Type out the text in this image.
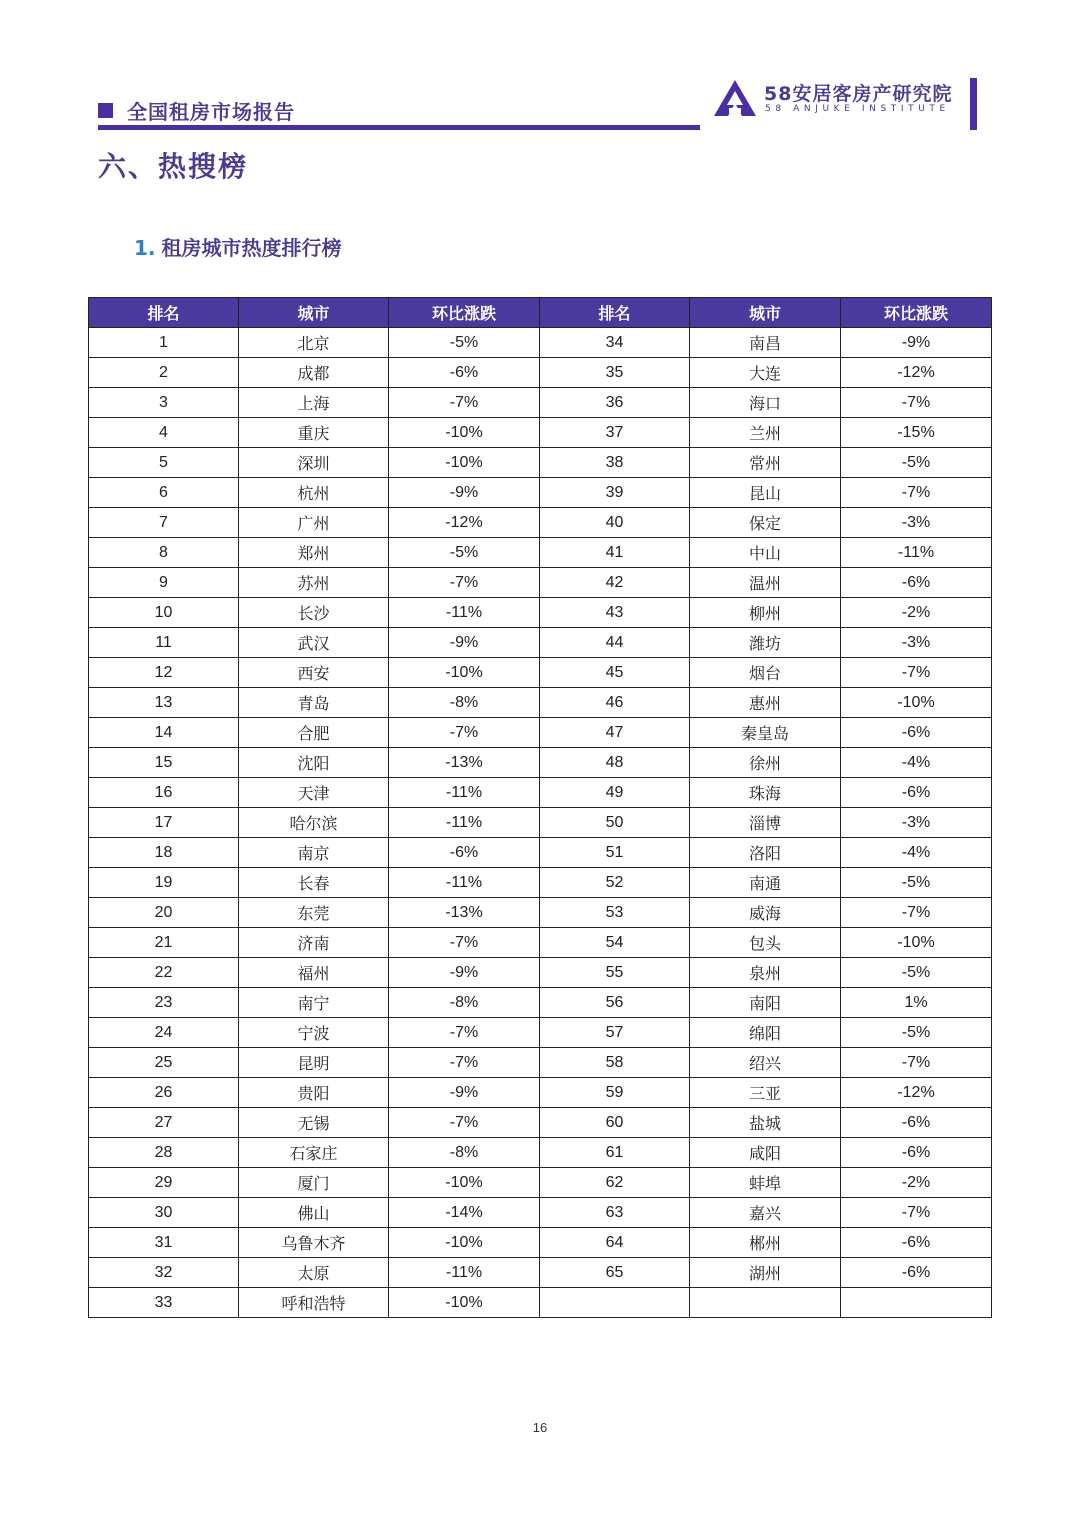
全国租房市场报告
58安居客房产研究院
58 ANJUKE INSTITUTE
六、热搜榜
1. 租房城市热度排行榜
排名	城市	环比涨跌	排名	城市	环比涨跌
1	北京	-5%	34	南昌	-9%
2	成都	-6%	35	大连	-12%
3	上海	-7%	36	海口	-7%
4	重庆	-10%	37	兰州	-15%
5	深圳	-10%	38	常州	-5%
6	杭州	-9%	39	昆山	-7%
7	广州	-12%	40	保定	-3%
8	郑州	-5%	41	中山	-11%
9	苏州	-7%	42	温州	-6%
10	长沙	-11%	43	柳州	-2%
11	武汉	-9%	44	潍坊	-3%
12	西安	-10%	45	烟台	-7%
13	青岛	-8%	46	惠州	-10%
14	合肥	-7%	47	秦皇岛	-6%
15	沈阳	-13%	48	徐州	-4%
16	天津	-11%	49	珠海	-6%
17	哈尔滨	-11%	50	淄博	-3%
18	南京	-6%	51	洛阳	-4%
19	长春	-11%	52	南通	-5%
20	东莞	-13%	53	威海	-7%
21	济南	-7%	54	包头	-10%
22	福州	-9%	55	泉州	-5%
23	南宁	-8%	56	南阳	1%
24	宁波	-7%	57	绵阳	-5%
25	昆明	-7%	58	绍兴	-7%
26	贵阳	-9%	59	三亚	-12%
27	无锡	-7%	60	盐城	-6%
28	石家庄	-8%	61	咸阳	-6%
29	厦门	-10%	62	蚌埠	-2%
30	佛山	-14%	63	嘉兴	-7%
31	乌鲁木齐	-10%	64	郴州	-6%
32	太原	-11%	65	湖州	-6%
33	呼和浩特	-10%			
16
